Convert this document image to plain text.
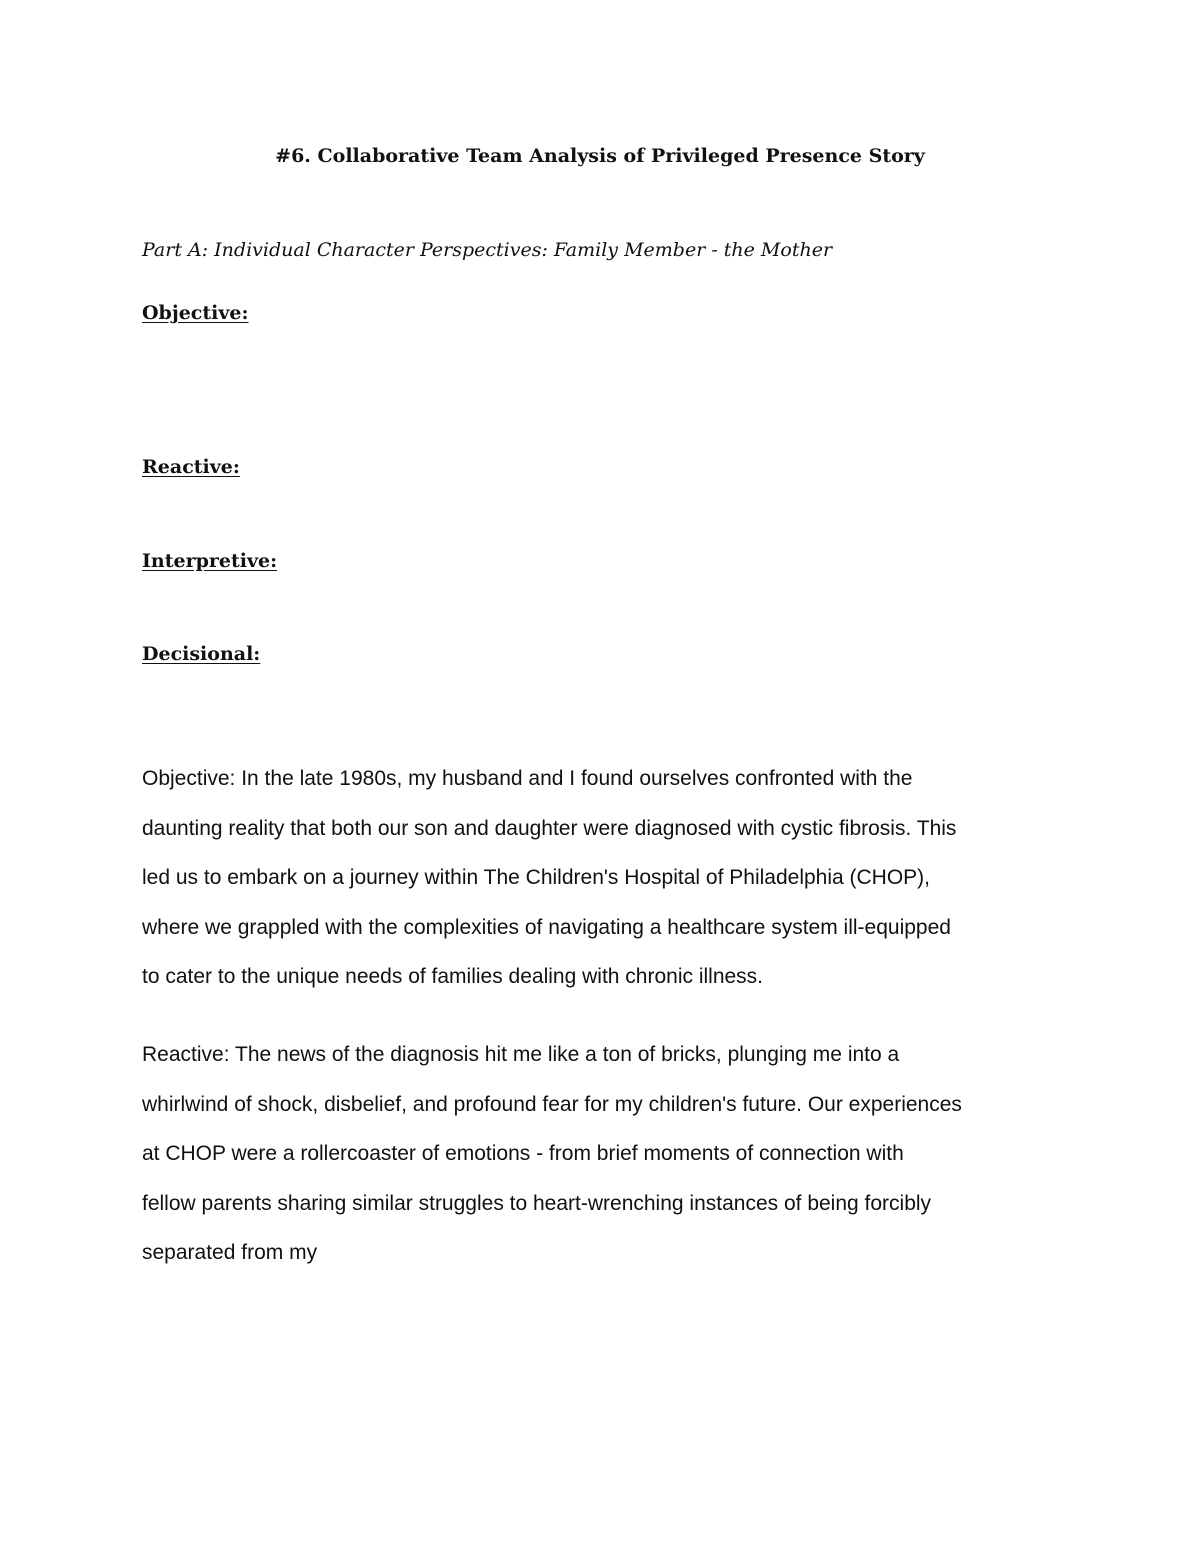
#6. Collaborative Team Analysis of Privileged Presence Story
Part A: Individual Character Perspectives: Family Member - the Mother
Objective:
Reactive:
Interpretive:
Decisional:
Objective: In the late 1980s, my husband and I found ourselves confronted with the
daunting reality that both our son and daughter were diagnosed with cystic fibrosis. This
led us to embark on a journey within The Children's Hospital of Philadelphia (CHOP),
where we grappled with the complexities of navigating a healthcare system ill-equipped
to cater to the unique needs of families dealing with chronic illness.
Reactive: The news of the diagnosis hit me like a ton of bricks, plunging me into a
whirlwind of shock, disbelief, and profound fear for my children's future. Our experiences
at CHOP were a rollercoaster of emotions - from brief moments of connection with
fellow parents sharing similar struggles to heart-wrenching instances of being forcibly
separated from my
